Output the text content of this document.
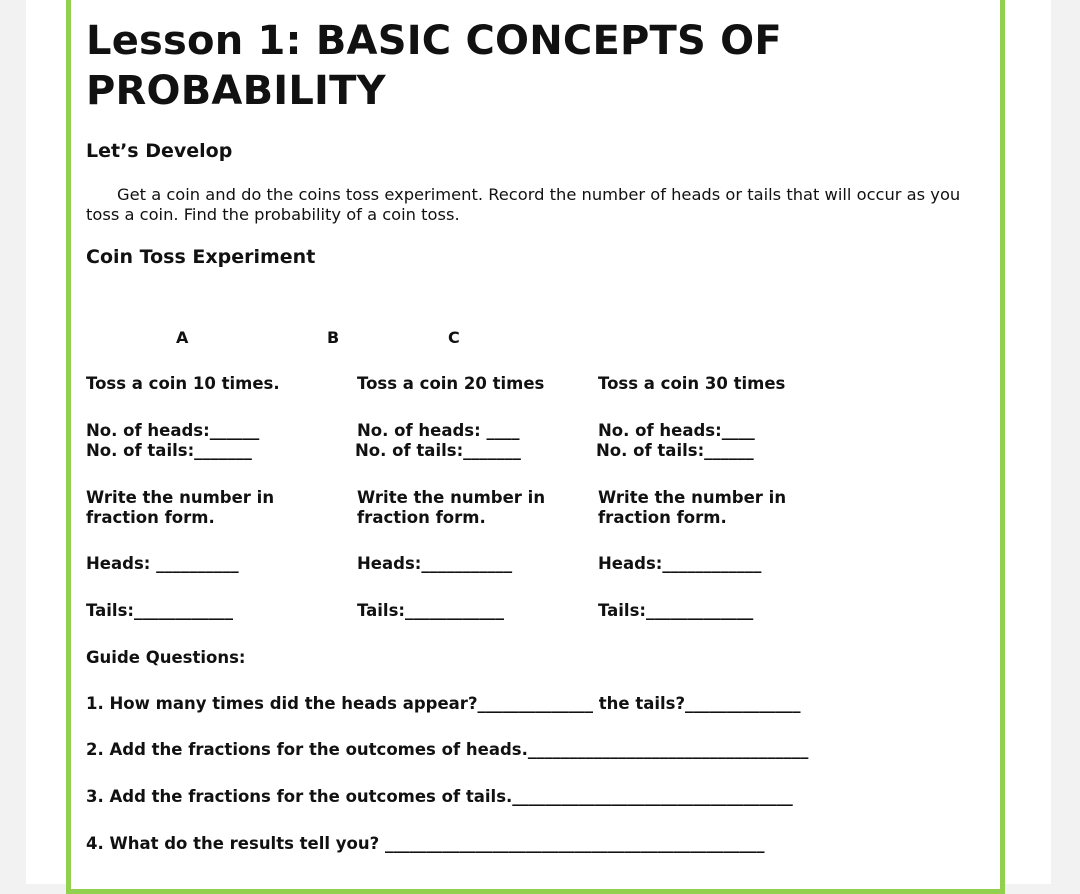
Lesson 1: BASIC CONCEPTS OF PROBABILITY
Let’s Develop
Get a coin and do the coins toss experiment. Record the number of heads or tails that will occur as you toss a coin. Find the probability of a coin toss.
Coin Toss Experiment
A	B	C
Toss a coin 10 times.
No. of heads:______
No. of tails:_______
Write the number in
fraction form.
Heads: __________
Tails:____________
Toss a coin 20 times
No. of heads: ____
No. of tails:_______
Write the number in
fraction form.
Heads:___________
Tails:____________
Toss a coin 30 times
No. of heads:____
No. of tails:______
Write the number in
fraction form.
Heads:____________
Tails:_____________
Guide Questions:
1. How many times did the heads appear?______________ the tails?______________
2. Add the fractions for the outcomes of heads.__________________________________
3. Add the fractions for the outcomes of tails.__________________________________
4. What do the results tell you? ______________________________________________
